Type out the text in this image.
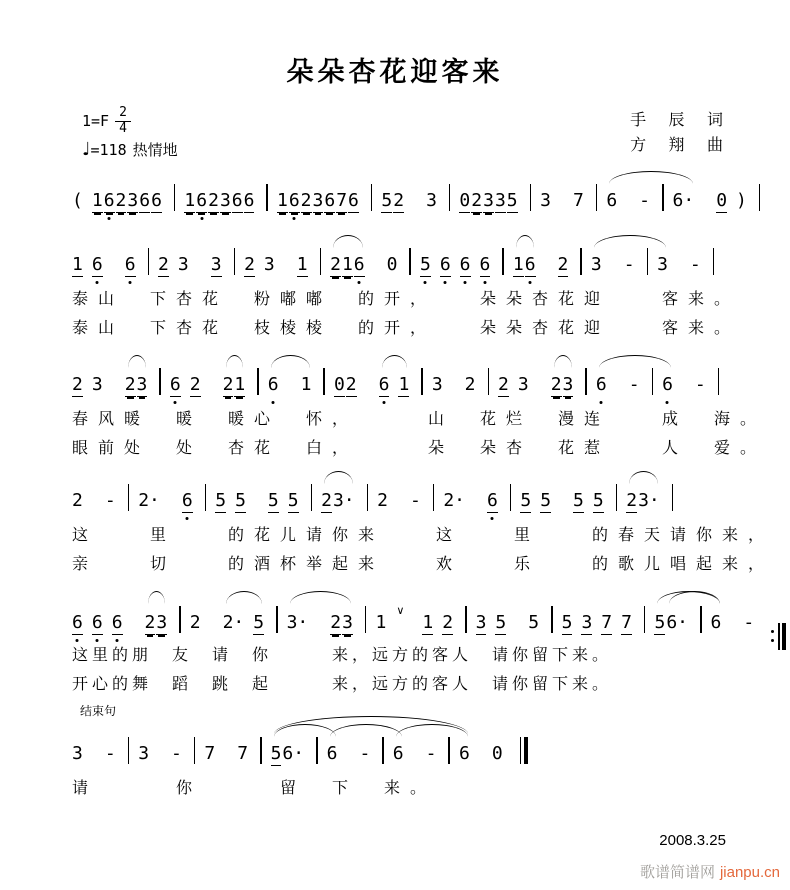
朵朵杏花迎客来
$1=F \frac{2}{4}$
♩=118 热情地
手 辰 词
方 翔 曲
( 162366 162366 1623676 52 3 02335 3 7 6 - 6· 0 )
1 6 6 2 3 3 2 3 1 216 0 5 6 6 6 16 2 3 - 3 -
泰山　下杏花　粉嘟嘟　的开，　　朵朵杏花迎　　客来。
泰山　下杏花　枝棱棱　的开，　　朵朵杏花迎　　客来。
2 3 23 6 2 21 6 1 02 6 1 3 2 2 3 23 6 - 6 -
春风暖　暖　暖心　怀，　　　山　花烂　漫连　　成　海。
眼前处　处　杏花　白，　　　朵　朵杏　花惹　　人　爱。
2 - 2· 6 5 5 5 5 23· 2 - 2· 6 5 5 5 5 23·
这　　里　　的花儿请你来　　这　　里　　的春天请你来，
亲　　切　　的酒杯举起来　　欢　　乐　　的歌儿唱起来，
6 6 6 23 2 2· 5 3· 23 1∨1 2 3 5 5 5 3 7 7 56· 6 -
这里的朋　友　请　你　　　来，远方的客人　请你留下来。
开心的舞　蹈　跳　起　　　来，远方的客人　请你留下来。
结束句
3 - 3 - 7 7 56· 6 - 6 - 6 0
请　　　你　　　留　下　来。
2008.3.25
歌谱简谱网 jianpu.cn
